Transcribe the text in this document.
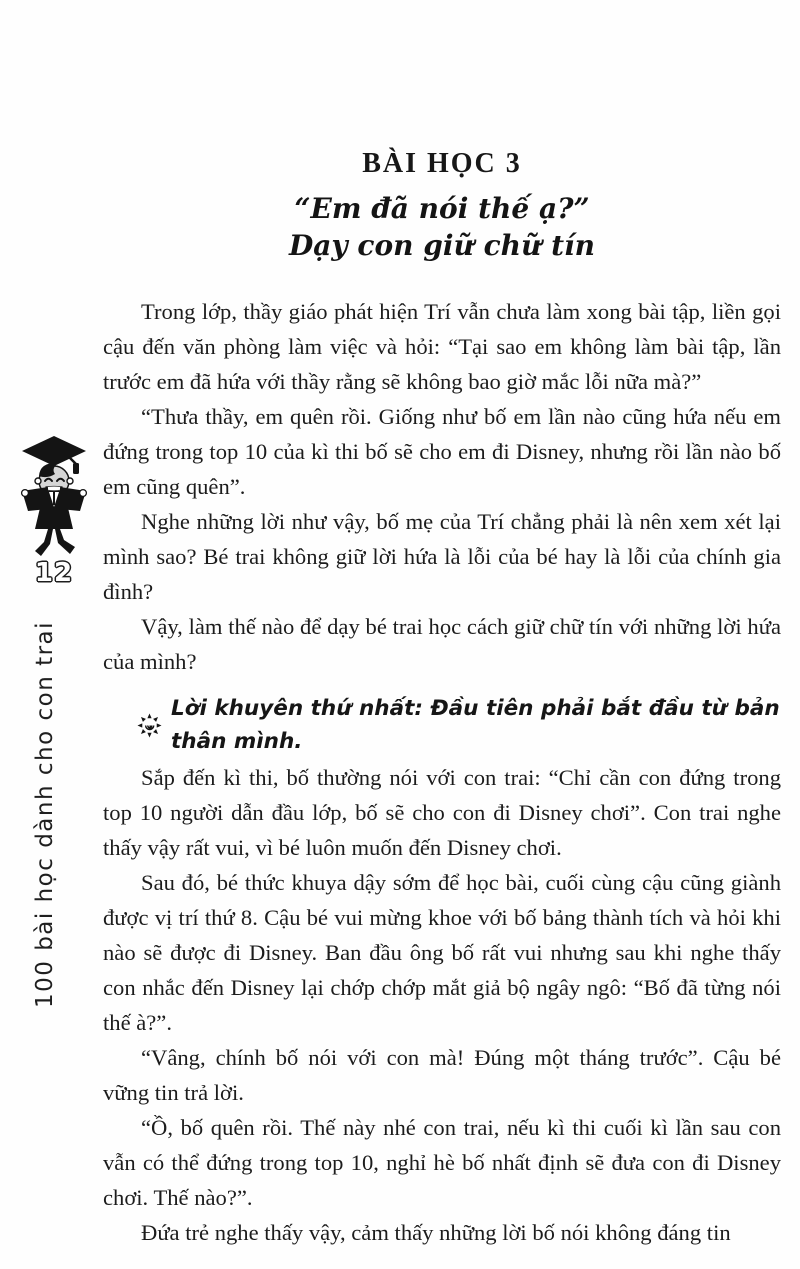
BÀI HỌC 3
“Em đã nói thế ạ?”
Dạy con giữ chữ tín

Trong lớp, thầy giáo phát hiện Trí vẫn chưa làm xong bài tập, liền gọi cậu đến văn phòng làm việc và hỏi: “Tại sao em không làm bài tập, lần trước em đã hứa với thầy rằng sẽ không bao giờ mắc lỗi nữa mà?”

“Thưa thầy, em quên rồi. Giống như bố em lần nào cũng hứa nếu em đứng trong top 10 của kì thi bố sẽ cho em đi Disney, nhưng rồi lần nào bố em cũng quên”.

Nghe những lời như vậy, bố mẹ của Trí chẳng phải là nên xem xét lại mình sao? Bé trai không giữ lời hứa là lỗi của bé hay là lỗi của chính gia đình?

Vậy, làm thế nào để dạy bé trai học cách giữ chữ tín với những lời hứa của mình?

Lời khuyên thứ nhất: Đầu tiên phải bắt đầu từ bản thân mình.

Sắp đến kì thi, bố thường nói với con trai: “Chỉ cần con đứng trong top 10 người dẫn đầu lớp, bố sẽ cho con đi Disney chơi”. Con trai nghe thấy vậy rất vui, vì bé luôn muốn đến Disney chơi.

Sau đó, bé thức khuya dậy sớm để học bài, cuối cùng cậu cũng giành được vị trí thứ 8. Cậu bé vui mừng khoe với bố bảng thành tích và hỏi khi nào sẽ được đi Disney. Ban đầu ông bố rất vui nhưng sau khi nghe thấy con nhắc đến Disney lại chớp chớp mắt giả bộ ngây ngô: “Bố đã từng nói thế à?”.

“Vâng, chính bố nói với con mà! Đúng một tháng trước”. Cậu bé vững tin trả lời.

“Ồ, bố quên rồi. Thế này nhé con trai, nếu kì thi cuối kì lần sau con vẫn có thể đứng trong top 10, nghỉ hè bố nhất định sẽ đưa con đi Disney chơi. Thế nào?”.

Đứa trẻ nghe thấy vậy, cảm thấy những lời bố nói không đáng tin

12
100 bài học dành cho con trai
